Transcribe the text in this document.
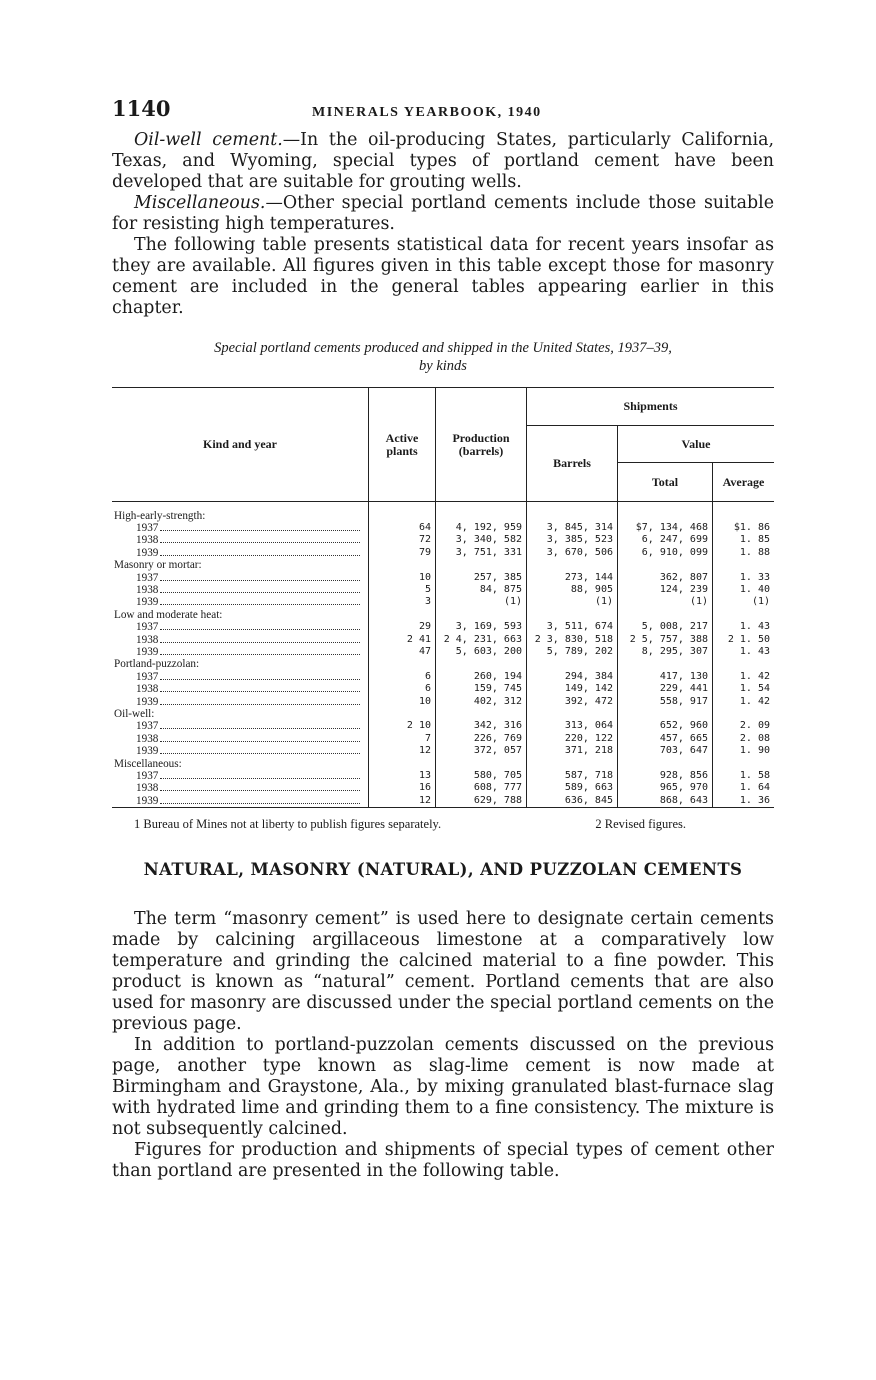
1140	MINERALS YEARBOOK, 1940

Oil-well cement.—In the oil-producing States, particularly California, Texas, and Wyoming, special types of portland cement have been developed that are suitable for grouting wells.

Miscellaneous.—Other special portland cements include those suitable for resisting high temperatures.

The following table presents statistical data for recent years insofar as they are available. All figures given in this table except those for masonry cement are included in the general tables appearing earlier in this chapter.

Special portland cements produced and shipped in the United States, 1937–39,
by kinds
Kind and year	Active plants	Production (barrels)	Shipments		
			Barrels	Value	
				Total	Average

High-early-strength:					
1937	64	4, 192, 959	3, 845, 314	$7, 134, 468	$1. 86
1938	72	3, 340, 582	3, 385, 523	6, 247, 699	1. 85
1939	79	3, 751, 331	3, 670, 506	6, 910, 099	1. 88
Masonry or mortar:					
1937	10	257, 385	273, 144	362, 807	1. 33
1938	5	84, 875	88, 905	124, 239	1. 40
1939	3	(1)	(1)	(1)	(1)
Low and moderate heat:					
1937	29	3, 169, 593	3, 511, 674	5, 008, 217	1. 43
1938	2 41	2 4, 231, 663	2 3, 830, 518	2 5, 757, 388	2 1. 50
1939	47	5, 603, 200	5, 789, 202	8, 295, 307	1. 43
Portland-puzzolan:					
1937	6	260, 194	294, 384	417, 130	1. 42
1938	6	159, 745	149, 142	229, 441	1. 54
1939	10	402, 312	392, 472	558, 917	1. 42
Oil-well:					
1937	2 10	342, 316	313, 064	652, 960	2. 09
1938	7	226, 769	220, 122	457, 665	2. 08
1939	12	372, 057	371, 218	703, 647	1. 90
Miscellaneous:					
1937	13	580, 705	587, 718	928, 856	1. 58
1938	16	608, 777	589, 663	965, 970	1. 64
1939	12	629, 788	636, 845	868, 643	1. 36
1 Bureau of Mines not at liberty to publish figures separately.	2 Revised figures.
NATURAL, MASONRY (NATURAL), AND PUZZOLAN CEMENTS

The term “masonry cement” is used here to designate certain cements made by calcining argillaceous limestone at a comparatively low temperature and grinding the calcined material to a fine powder. This product is known as “natural” cement. Portland cements that are also used for masonry are discussed under the special portland cements on the previous page.

In addition to portland-puzzolan cements discussed on the previous page, another type known as slag-lime cement is now made at Birmingham and Graystone, Ala., by mixing granulated blast-furnace slag with hydrated lime and grinding them to a fine consistency. The mixture is not subsequently calcined.

Figures for production and shipments of special types of cement other than portland are presented in the following table.
